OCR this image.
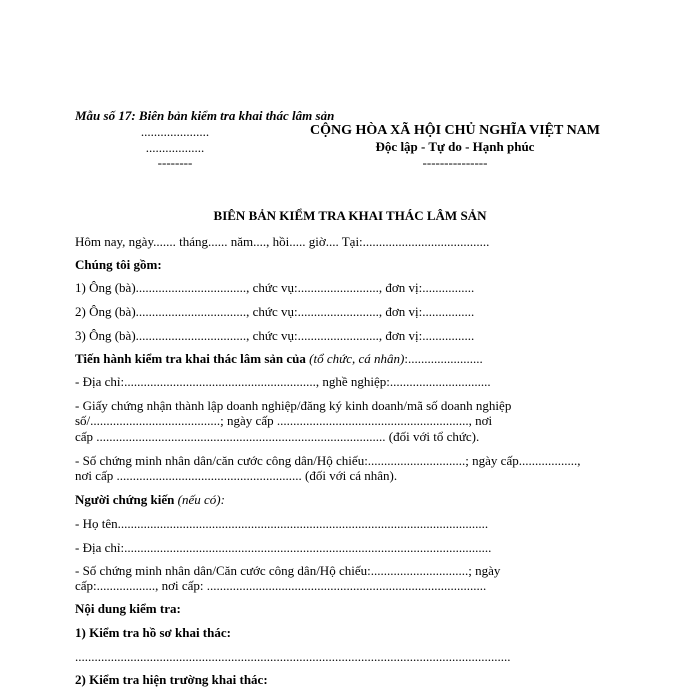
Mẫu số 17: Biên bản kiểm tra khai thác lâm sản
.....................
..................
--------
CỘNG HÒA XÃ HỘI CHỦ NGHĨA VIỆT NAM
Độc lập - Tự do - Hạnh phúc
---------------
BIÊN BẢN KIỂM TRA KHAI THÁC LÂM SẢN
Hôm nay, ngày....... tháng...... năm...., hồi..... giờ.... Tại:.......................................
Chúng tôi gồm:
1) Ông (bà).................................., chức vụ:........................., đơn vị:................
2) Ông (bà).................................., chức vụ:........................., đơn vị:................
3) Ông (bà).................................., chức vụ:........................., đơn vị:................
Tiến hành kiểm tra khai thác lâm sản của (tổ chức, cá nhân):.......................
- Địa chỉ:..........................................................., nghề nghiệp:...............................
- Giấy chứng nhận thành lập doanh nghiệp/đăng ký kinh doanh/mã số doanh nghiệp
số/........................................; ngày cấp ..........................................................., nơi
cấp ......................................................................................... (đối với tổ chức).
- Số chứng minh nhân dân/căn cước công dân/Hộ chiếu:..............................; ngày cấp..................,
nơi cấp ......................................................... (đối với cá nhân).
Người chứng kiến (nếu có):
- Họ tên..................................................................................................................
- Địa chỉ:.................................................................................................................
- Số chứng minh nhân dân/Căn cước công dân/Hộ chiếu:..............................; ngày
cấp:.................., nơi cấp: ......................................................................................
Nội dung kiểm tra:
1) Kiểm tra hồ sơ khai thác:
......................................................................................................................................
2) Kiểm tra hiện trường khai thác:
